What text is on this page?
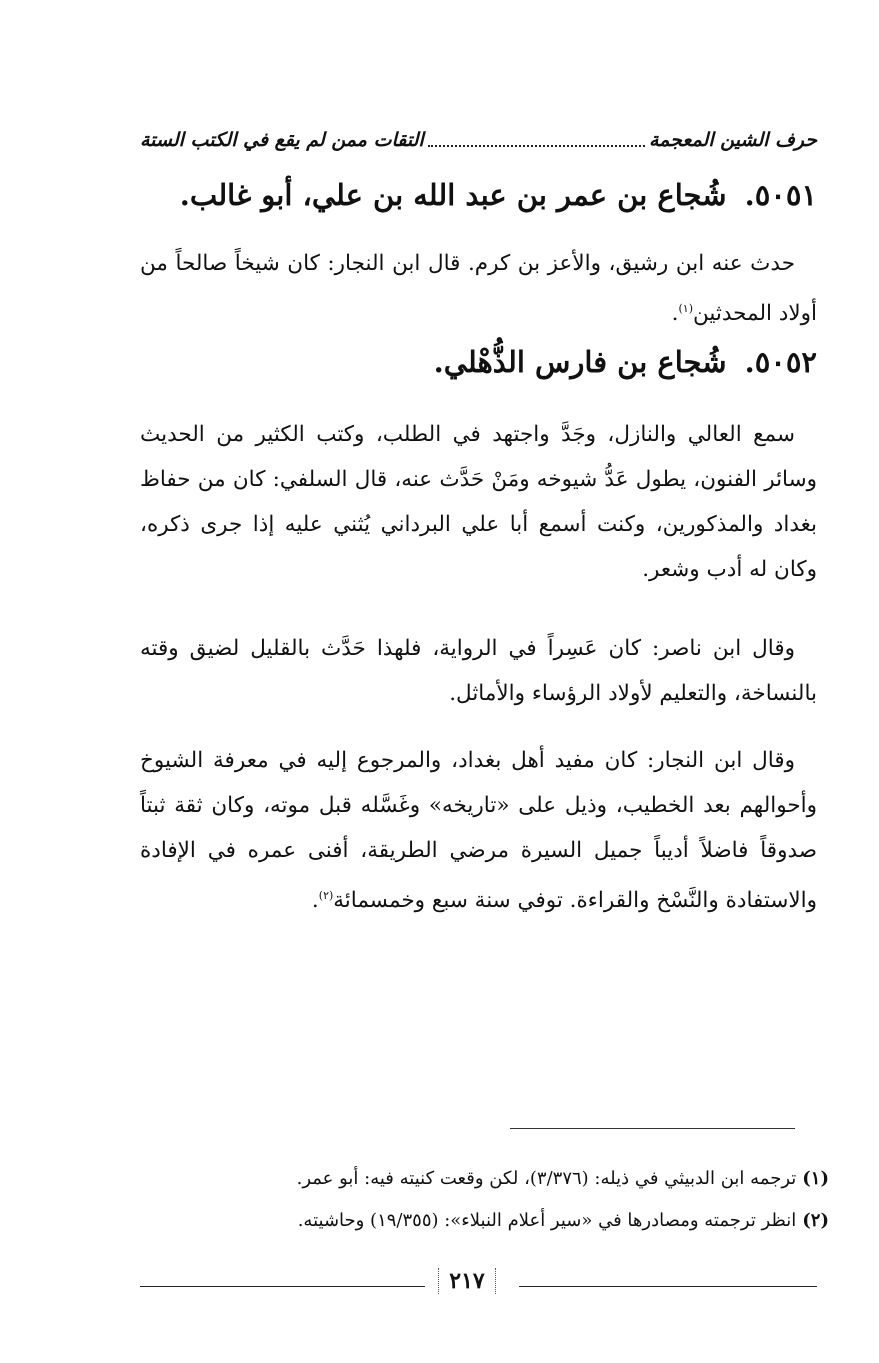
حرف الشين المعجمة
التقات ممن لم يقع في الكتب الستة
٥٠٥١.شُجاع بن عمر بن عبد الله بن علي، أبو غالب.
حدث عنه ابن رشيق، والأعز بن كرم. قال ابن النجار: كان شيخاً صالحاً من أولاد المحدثين$^{(١)}$.
٥٠٥٢.شُجاع بن فارس الذُّهْلي.
سمع العالي والنازل، وجَدَّ واجتهد في الطلب، وكتب الكثير من الحديث وسائر الفنون، يطول عَدُّ شيوخه ومَنْ حَدَّث عنه، قال السلفي: كان من حفاظ بغداد والمذكورين، وكنت أسمع أبا علي البرداني يُثني عليه إذا جرى ذكره، وكان له أدب وشعر.
وقال ابن ناصر: كان عَسِراً في الرواية، فلهذا حَدَّث بالقليل لضيق وقته بالنساخة، والتعليم لأولاد الرؤساء والأماثل.
وقال ابن النجار: كان مفيد أهل بغداد، والمرجوع إليه في معرفة الشيوخ وأحوالهم بعد الخطيب، وذيل على «تاريخه» وغَسَّله قبل موته، وكان ثقة ثبتاً صدوقاً فاضلاً أديباً جميل السيرة مرضي الطريقة، أفنى عمره في الإفادة والاستفادة والنَّسْخ والقراءة. توفي سنة سبع وخمسمائة$^{(٢)}$.
(١)ترجمه ابن الدبيثي في ذيله: (٣/٣٧٦)، لكن وقعت كنيته فيه: أبو عمر.
(٢)انظر ترجمته ومصادرها في «سير أعلام النبلاء»: (١٩/٣٥٥) وحاشيته.
٢١٧
